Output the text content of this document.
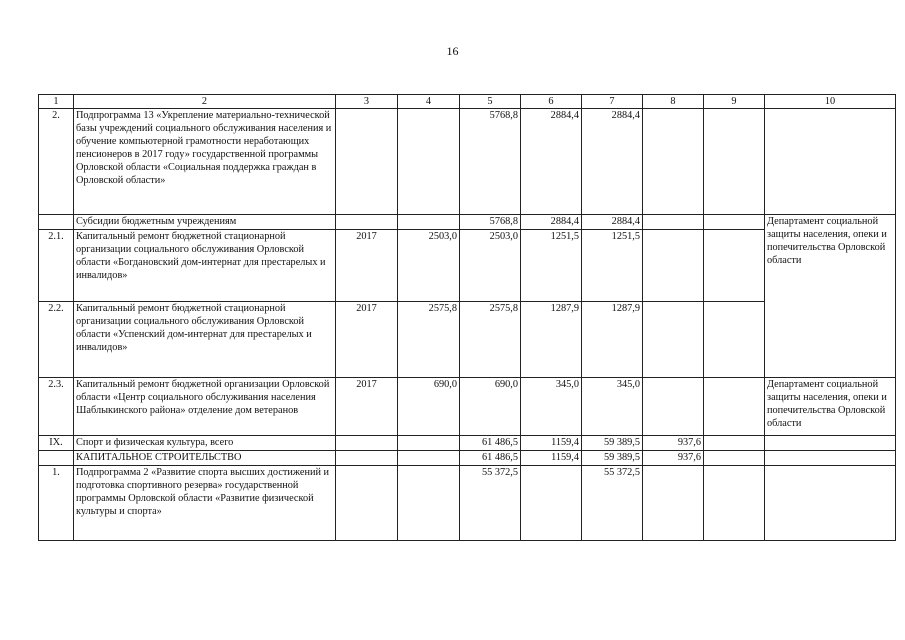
16
1	2	3	4	5	6	7	8	9	10
2.	Подпрограмма 13 «Укрепление материально-технической базы учреждений социального обслуживания населения и обучение компьютерной грамотности неработающих пенсионеров в 2017 году» государственной программы Орловской области «Социальная поддержка граждан в Орловской области»			5768,8	2884,4	2884,4			
	Субсидии бюджетным учреждениям			5768,8	2884,4	2884,4			Департамент социальной защиты населения, опеки и попечительства Орловской области
2.1.	Капитальный ремонт бюджетной стационарной организации социального обслуживания Орловской области «Богдановский дом-интернат для престарелых и инвалидов»	2017	2503,0	2503,0	1251,5	1251,5			
2.2.	Капитальный ремонт бюджетной стационарной организации социального обслуживания Орловской области «Успенский дом-интернат для престарелых и инвалидов»	2017	2575,8	2575,8	1287,9	1287,9			
2.3.	Капитальный ремонт бюджетной организации Орловской области «Центр социального обслуживания населения Шаблыкинского района» отделение дом ветеранов	2017	690,0	690,0	345,0	345,0			Департамент социальной защиты населения, опеки и попечительства Орловской области
IX.	Спорт и физическая культура, всего			61 486,5	1159,4	59 389,5	937,6		
	КАПИТАЛЬНОЕ СТРОИТЕЛЬСТВО			61 486,5	1159,4	59 389,5	937,6		
1.	Подпрограмма 2 «Развитие спорта высших достижений и подготовка спортивного резерва» государственной программы Орловской области «Развитие физической культуры и спорта»			55 372,5		55 372,5			
